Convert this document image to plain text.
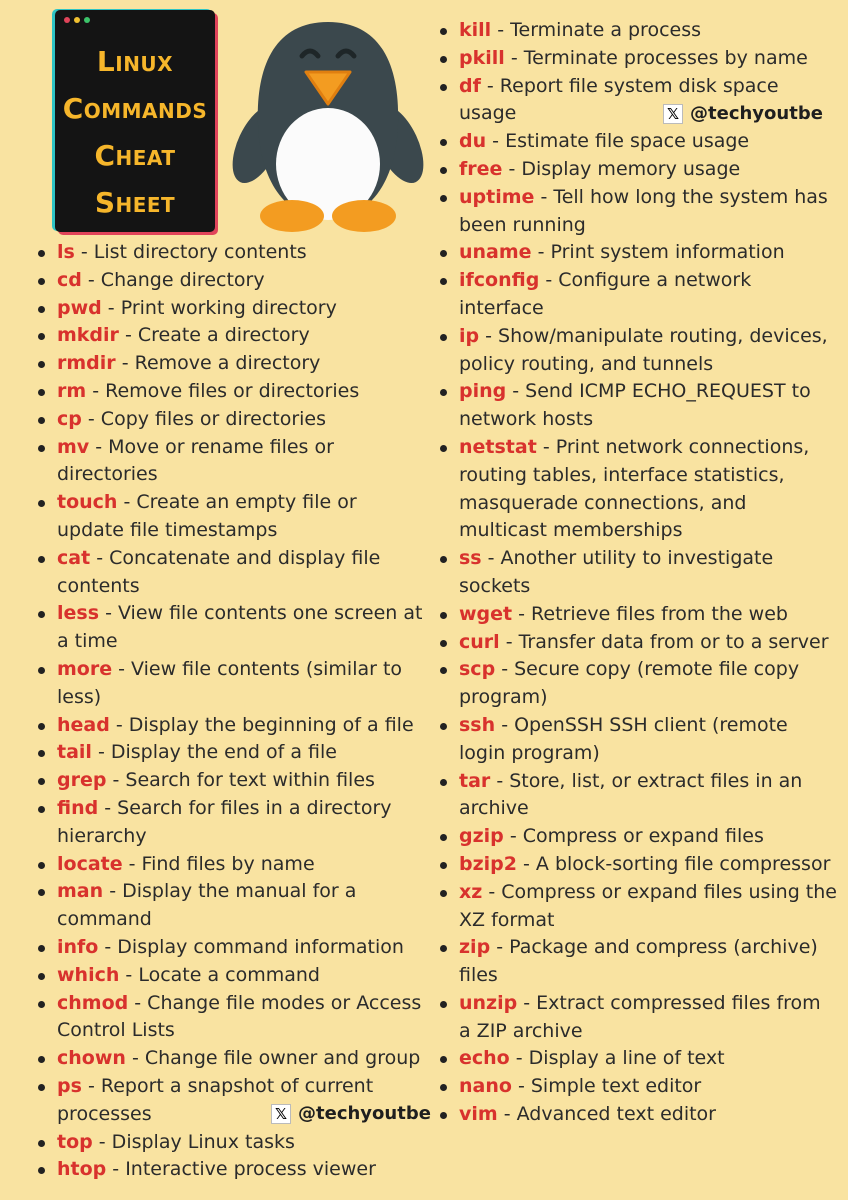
Linux
Commands
Cheat
Sheet
ls - List directory contents
cd - Change directory
pwd - Print working directory
mkdir - Create a directory
rmdir - Remove a directory
rm - Remove files or directories
cp - Copy files or directories
mv - Move or rename files or directories
touch - Create an empty file or update file timestamps
cat - Concatenate and display file contents
less - View file contents one screen at a time
more - View file contents (similar to less)
head - Display the beginning of a file
tail - Display the end of a file
grep - Search for text within files
find - Search for files in a directory hierarchy
locate - Find files by name
man - Display the manual for a command
info - Display command information
which - Locate a command
chmod - Change file modes or Access Control Lists
chown - Change file owner and group
ps - Report a snapshot of current processes
top - Display Linux tasks
htop - Interactive process viewer
kill - Terminate a process
pkill - Terminate processes by name
df - Report file system disk space usage
du - Estimate file space usage
free - Display memory usage
uptime - Tell how long the system has been running
uname - Print system information
ifconfig - Configure a network interface
ip - Show/manipulate routing, devices, policy routing, and tunnels
ping - Send ICMP ECHO_REQUEST to network hosts
netstat - Print network connections, routing tables, interface statistics, masquerade connections, and multicast memberships
ss - Another utility to investigate sockets
wget - Retrieve files from the web
curl - Transfer data from or to a server
scp - Secure copy (remote file copy program)
ssh - OpenSSH SSH client (remote login program)
tar - Store, list, or extract files in an archive
gzip - Compress or expand files
bzip2 - A block-sorting file compressor
xz - Compress or expand files using the XZ format
zip - Package and compress (archive) files
unzip - Extract compressed files from a ZIP archive
echo - Display a line of text
nano - Simple text editor
vim - Advanced text editor
𝕏 @techyoutbe
𝕏 @techyoutbe
